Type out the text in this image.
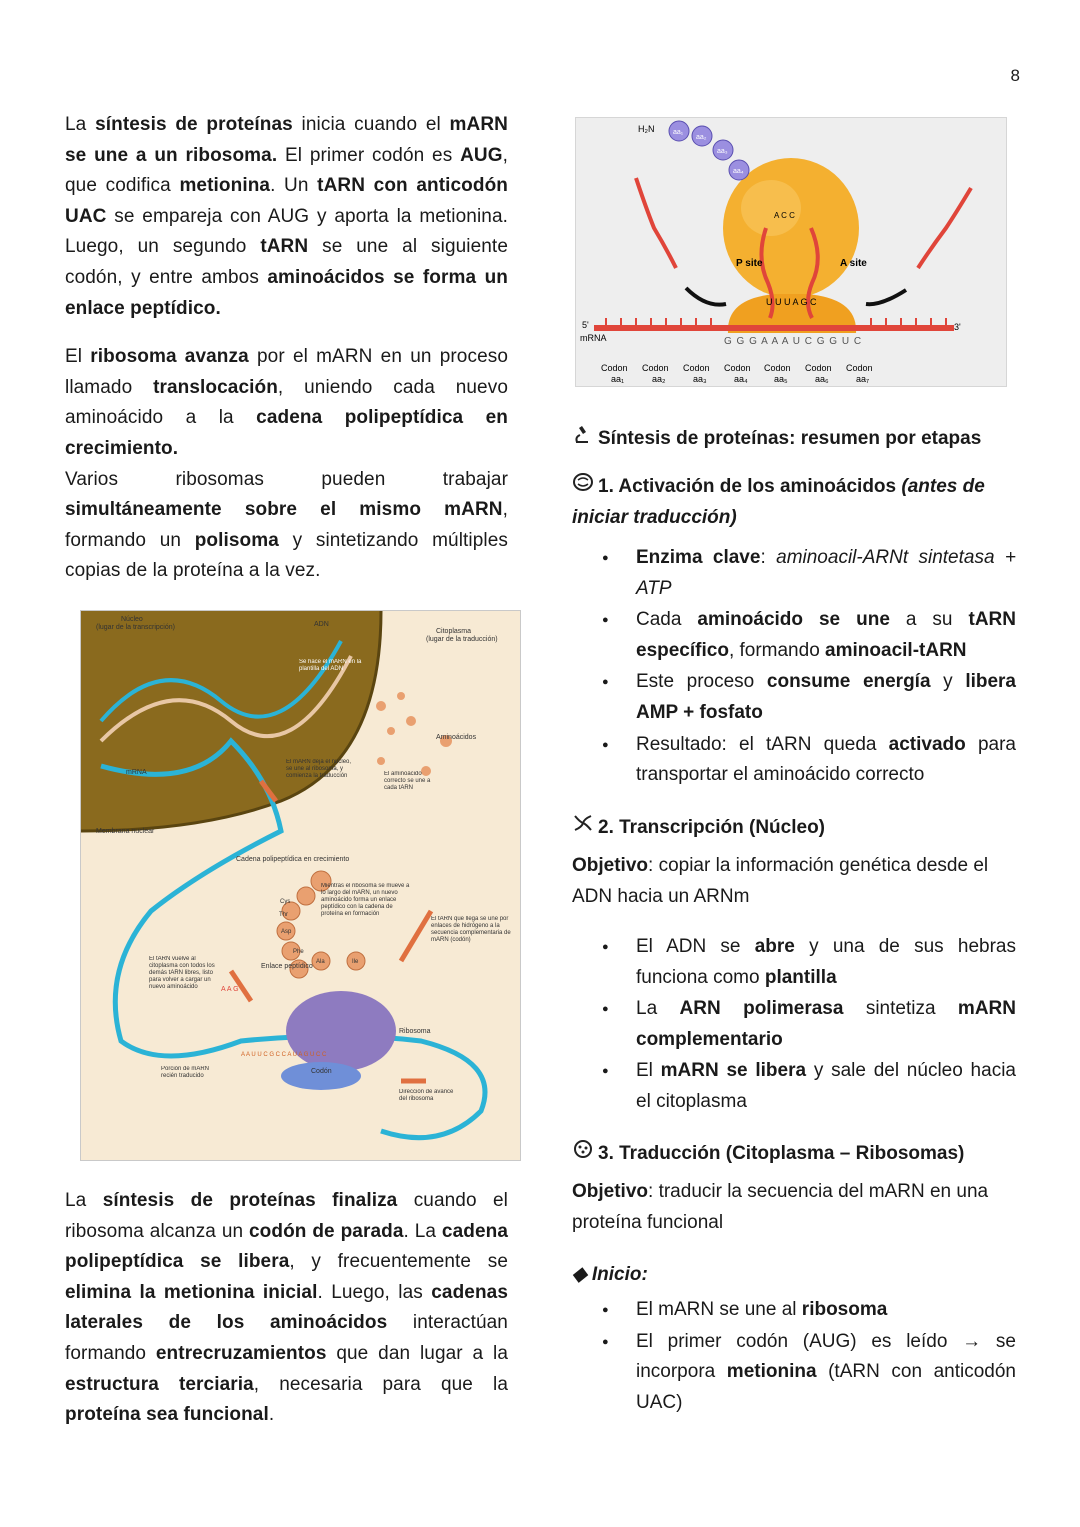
8

La síntesis de proteínas inicia cuando el mARN se une a un ribosoma. El primer codón es AUG, que codifica metionina. Un tARN con anticodón UAC se empareja con AUG y aporta la metionina. Luego, un segundo tARN se une al siguiente codón, y entre ambos aminoácidos se forma un enlace peptídico.

El ribosoma avanza por el mARN en un proceso llamado translocación, uniendo cada nuevo aminoácido a la cadena polipeptídica en crecimiento.

Varios ribosomas pueden trabajar simultáneamente sobre el mismo mARN, formando un polisoma y sintetizando múltiples copias de la proteína a la vez.

5'
mRNA
3'
G G G A A A U C G G U C
P site	A site
U U U A G C
H₂N	aa₁
aa₂
aa₃
aa₄
A C C
Codon Codon Codon Codon Codon Codon Codon
aa₁	aa₂	aa₃	aa₄	aa₅	aa₆	aa₇
Núcleo
(lugar de la transcripción)	ADN
Citoplasma
(lugar de la traducción)
Se hace el mARN en la plantilla del ADN
El mARN deja el núcleo, se une al ribosoma, y comienza la traducción
Aminoácidos
El aminoácido correcto se une a cada tARN
mRNA
Membrana nuclear
Cadena polipeptídica en crecimiento
Mientras el ribosoma se mueve a lo largo del mARN, un nuevo aminoácido forma un enlace peptídico con la cadena de proteína en formación
El tARN que llega se une por enlaces de hidrógeno a la secuencia complementaria de mARN (codón)
El tARN vuelve al citoplasma con todos los demás tARN libres, listo para volver a cargar un nuevo aminoácido
Enlace peptídico
Ribosoma
Codón
Porción de mARN recién traducido
Dirección de avance del ribosoma
Cys
Thr
Asp
Phe
Ala	Ile
A A G
A A U U C G C C A U A G U C C

La síntesis de proteínas finaliza cuando el ribosoma alcanza un codón de parada. La cadena polipeptídica se libera, y frecuentemente se elimina la metionina inicial. Luego, las cadenas laterales de los aminoácidos interactúan formando entrecruzamientos que dan lugar a la estructura terciaria, necesaria para que la proteína sea funcional.

Síntesis de proteínas: resumen por etapas
1. Activación de los aminoácidos (antes de iniciar traducción)
● Enzima clave: aminoacil-ARNt sintetasa + ATP
● Cada aminoácido se une a su tARN específico, formando aminoacil-tARN
● Este proceso consume energía y libera AMP + fosfato
● Resultado: el tARN queda activado para transportar el aminoácido correcto
2. Transcripción (Núcleo)
Objetivo: copiar la información genética desde el ADN hacia un ARNm
● El ADN se abre y una de sus hebras funciona como plantilla
● La ARN polimerasa sintetiza mARN complementario
● El mARN se libera y sale del núcleo hacia el citoplasma
3. Traducción (Citoplasma – Ribosomas)
Objetivo: traducir la secuencia del mARN en una proteína funcional
◆ Inicio:
● El mARN se une al ribosoma
● El primer codón (AUG) es leído → se incorpora metionina (tARN con anticodón UAC)
